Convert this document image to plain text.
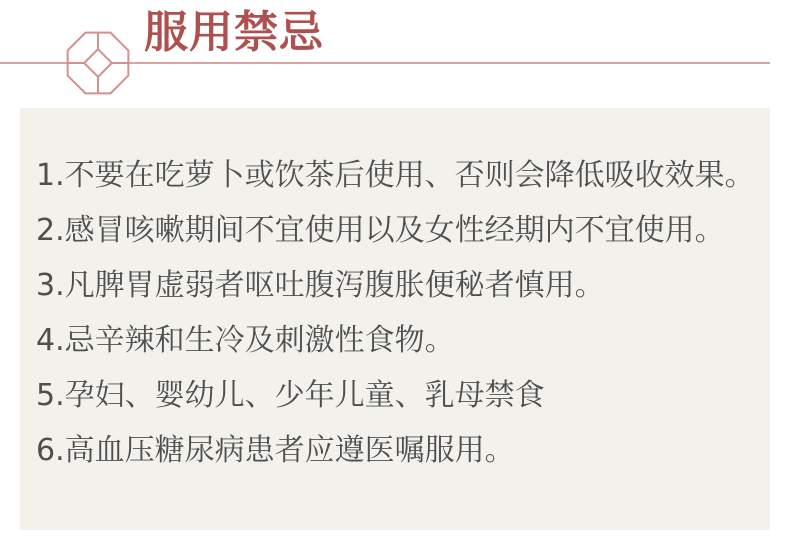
服用禁忌
1.不要在吃萝卜或饮茶后使用、否则会降低吸收效果。
2.感冒咳嗽期间不宜使用以及女性经期内不宜使用。
3.凡脾胃虚弱者呕吐腹泻腹胀便秘者慎用。
4.忌辛辣和生冷及刺激性食物。
5.孕妇、婴幼儿、少年儿童、乳母禁食
6.高血压糖尿病患者应遵医嘱服用。
